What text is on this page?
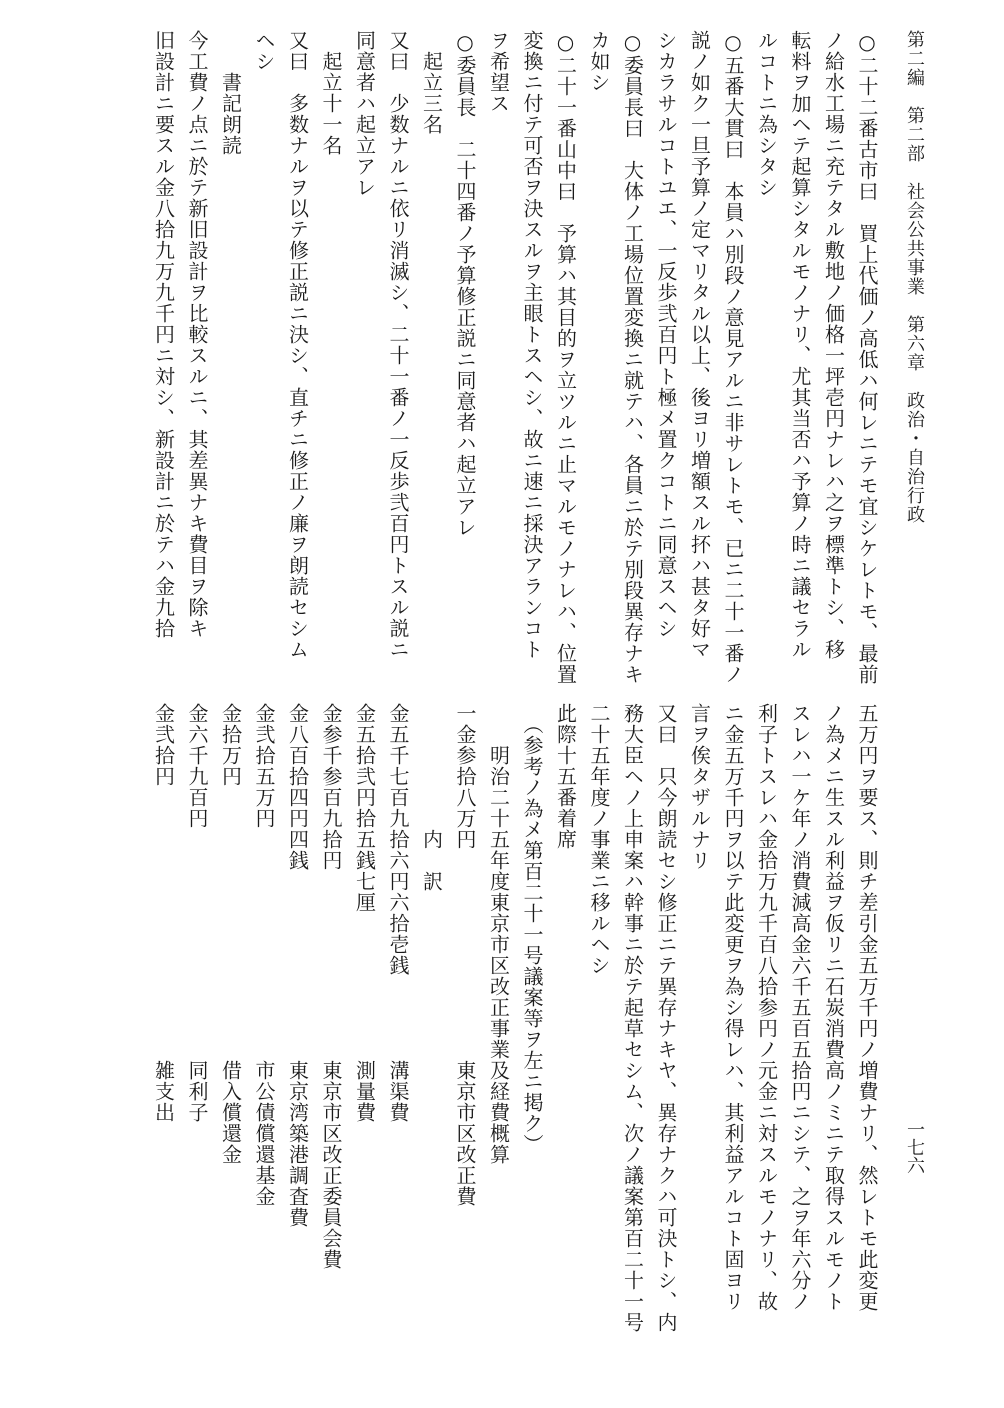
第二編　第二部　社会公共事業　第六章　政治・自治行政
一七六
○二十二番古市曰　買上代価ノ高低ハ何レニテモ宜シケレトモ、最前
ノ給水工場ニ充テタル敷地ノ価格一坪壱円ナレハ之ヲ標準トシ、移
転料ヲ加ヘテ起算シタルモノナリ、尤其当否ハ予算ノ時ニ議セラル
ルコトニ為シタシ
○五番大貫曰　本員ハ別段ノ意見アルニ非サレトモ、已ニ二十一番ノ
説ノ如ク一旦予算ノ定マリタル以上、後ヨリ増額スル抔ハ甚タ好マ
シカラサルコトユエ、一反歩弐百円ト極メ置クコトニ同意スヘシ
○委員長曰　大体ノ工場位置変換ニ就テハ、各員ニ於テ別段異存ナキ
カ如シ
○二十一番山中曰　予算ハ其目的ヲ立ツルニ止マルモノナレハ、位置
変換ニ付テ可否ヲ決スルヲ主眼トスヘシ、故ニ速ニ採決アランコト
ヲ希望ス
○委員長　二十四番ノ予算修正説ニ同意者ハ起立アレ
　起立三名
又曰　少数ナルニ依リ消滅シ、二十一番ノ一反歩弐百円トスル説ニ
同意者ハ起立アレ
　起立十一名
又曰　多数ナルヲ以テ修正説ニ決シ、直チニ修正ノ廉ヲ朗読セシム
ヘシ
　　書記朗読
今工費ノ点ニ於テ新旧設計ヲ比較スルニ、其差異ナキ費目ヲ除キ
旧設計ニ要スル金八拾九万九千円ニ対シ、新設計ニ於テハ金九拾
五万円ヲ要ス、則チ差引金五万千円ノ増費ナリ、然レトモ此変更
ノ為メニ生スル利益ヲ仮リニ石炭消費高ノミニテ取得スルモノト
スレハ一ケ年ノ消費減高金六千五百五拾円ニシテ、之ヲ年六分ノ
利子トスレハ金拾万九千百八拾参円ノ元金ニ対スルモノナリ、故
ニ金五万千円ヲ以テ此変更ヲ為シ得レハ、其利益アルコト固ヨリ
言ヲ俟タザルナリ
又曰　只今朗読セシ修正ニテ異存ナキヤ、異存ナクハ可決トシ、内
務大臣ヘノ上申案ハ幹事ニ於テ起草セシム、次ノ議案第百二十一号
二十五年度ノ事業ニ移ルヘシ
此際十五番着席
　（参考ノ為メ第百二十一号議案等ヲ左ニ掲ク）
　　明治二十五年度東京市区改正事業及経費概算
一金参拾八万円　　　　　　　　　　東京市区改正費
　　　　　　内　訳
金五千七百九拾六円六拾壱銭　　　　溝渠費
金五拾弐円拾五銭七厘　　　　　　　測量費
金参千参百九拾円　　　　　　　　　東京市区改正委員会費
金八百拾四円四銭　　　　　　　　　東京湾築港調査費
金弐拾五万円　　　　　　　　　　　市公債償還基金
金拾万円　　　　　　　　　　　　　借入償還金
金六千九百円　　　　　　　　　　　同利子
金弐拾円　　　　　　　　　　　　　雑支出
